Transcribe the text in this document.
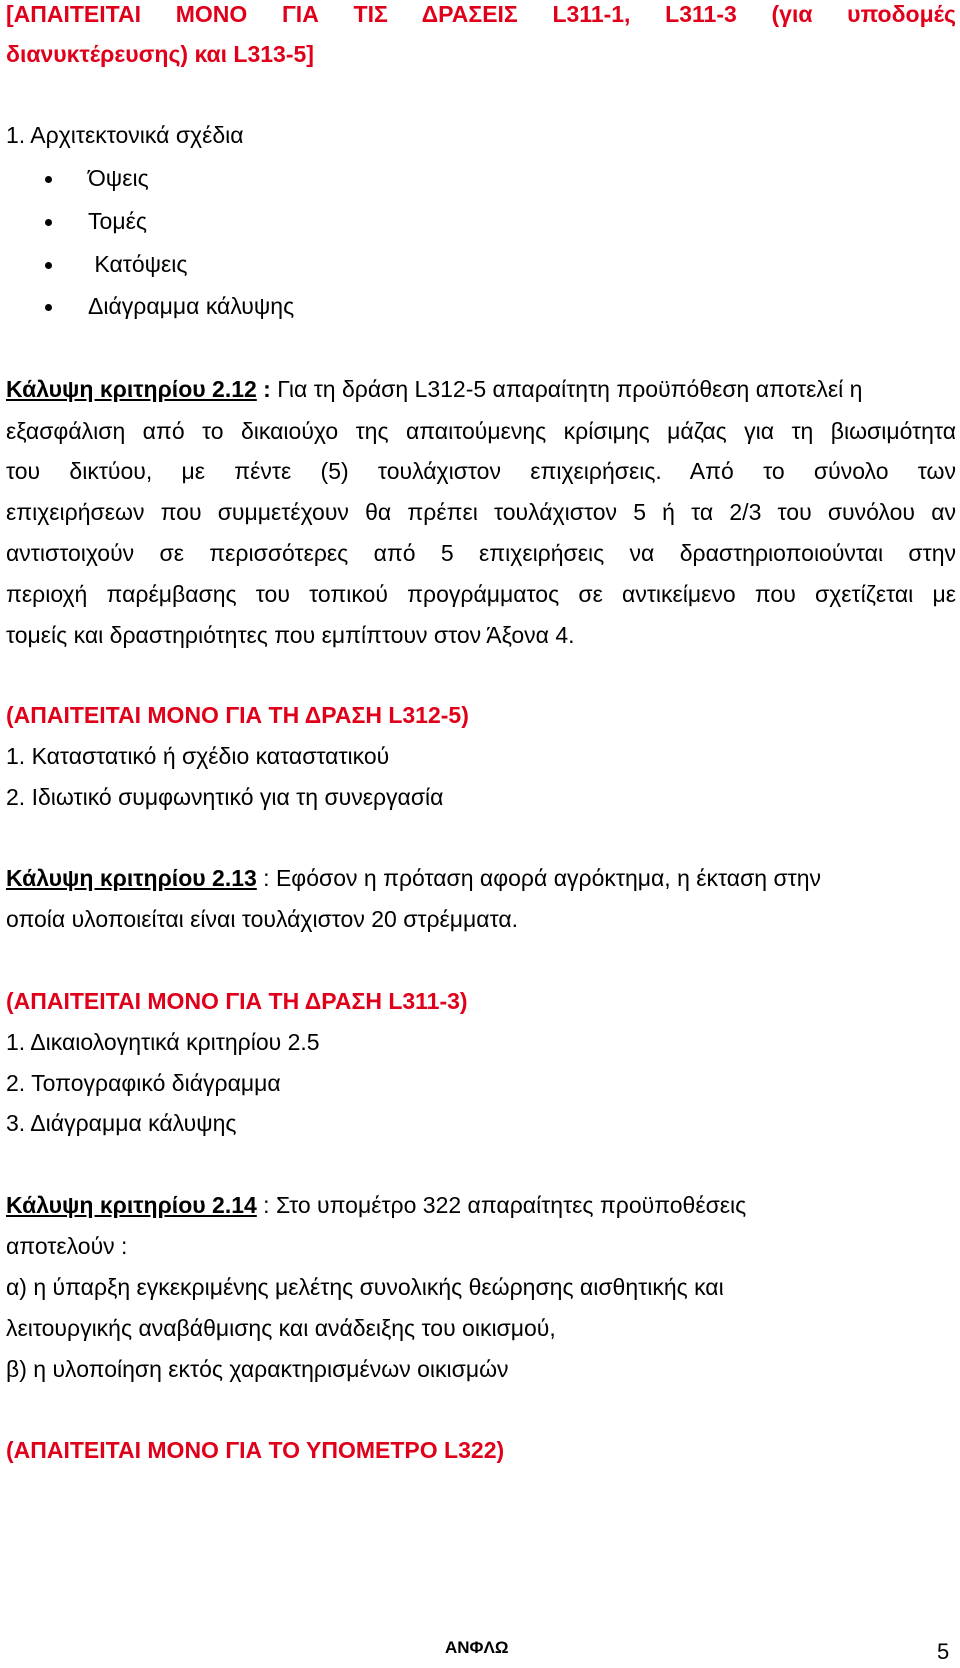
[ΑΠΑΙΤΕΙΤΑΙ ΜΟΝΟ ΓΙΑ ΤΙΣ ΔΡΑΣΕΙΣ L311-1, L311-3 (για υποδομές
διανυκτέρευσης) και L313-5]
1. Αρχιτεκτονικά σχέδια
Όψεις
Τομές
Κατόψεις
Διάγραμμα κάλυψης
Κάλυψη κριτηρίου 2.12 : Για τη δράση L312-5 απαραίτητη προϋπόθεση αποτελεί η
εξασφάλιση από το δικαιούχο της απαιτούμενης κρίσιμης μάζας για τη βιωσιμότητα
του δικτύου, με πέντε (5) τουλάχιστον επιχειρήσεις. Από το σύνολο των
επιχειρήσεων που συμμετέχουν θα πρέπει τουλάχιστον 5 ή τα 2/3 του συνόλου αν
αντιστοιχούν σε περισσότερες από 5 επιχειρήσεις να δραστηριοποιούνται στην
περιοχή παρέμβασης του τοπικού προγράμματος σε αντικείμενο που σχετίζεται με
τομείς και δραστηριότητες που εμπίπτουν στον Άξονα 4.
(ΑΠΑΙΤΕΙΤΑΙ ΜΟΝΟ ΓΙΑ ΤΗ ΔΡΑΣΗ L312-5)
1. Καταστατικό ή σχέδιο καταστατικού
2. Ιδιωτικό συμφωνητικό για τη συνεργασία
Κάλυψη κριτηρίου 2.13 : Εφόσον η πρόταση αφορά αγρόκτημα, η έκταση στην
οποία υλοποιείται είναι τουλάχιστον 20 στρέμματα.
(ΑΠΑΙΤΕΙΤΑΙ ΜΟΝΟ ΓΙΑ ΤΗ ΔΡΑΣΗ L311-3)
1. Δικαιολογητικά κριτηρίου 2.5
2. Τοπογραφικό διάγραμμα
3. Διάγραμμα κάλυψης
Κάλυψη κριτηρίου 2.14 : Στο υπομέτρο 322 απαραίτητες προϋποθέσεις
αποτελούν :
α) η ύπαρξη εγκεκριμένης μελέτης συνολικής θεώρησης αισθητικής και
λειτουργικής αναβάθμισης και ανάδειξης του οικισμού,
β) η υλοποίηση εκτός χαρακτηρισμένων οικισμών
(ΑΠΑΙΤΕΙΤΑΙ ΜΟΝΟ ΓΙΑ ΤΟ ΥΠΟΜΕΤΡΟ L322)
ΑΝΦΛΩ	5
